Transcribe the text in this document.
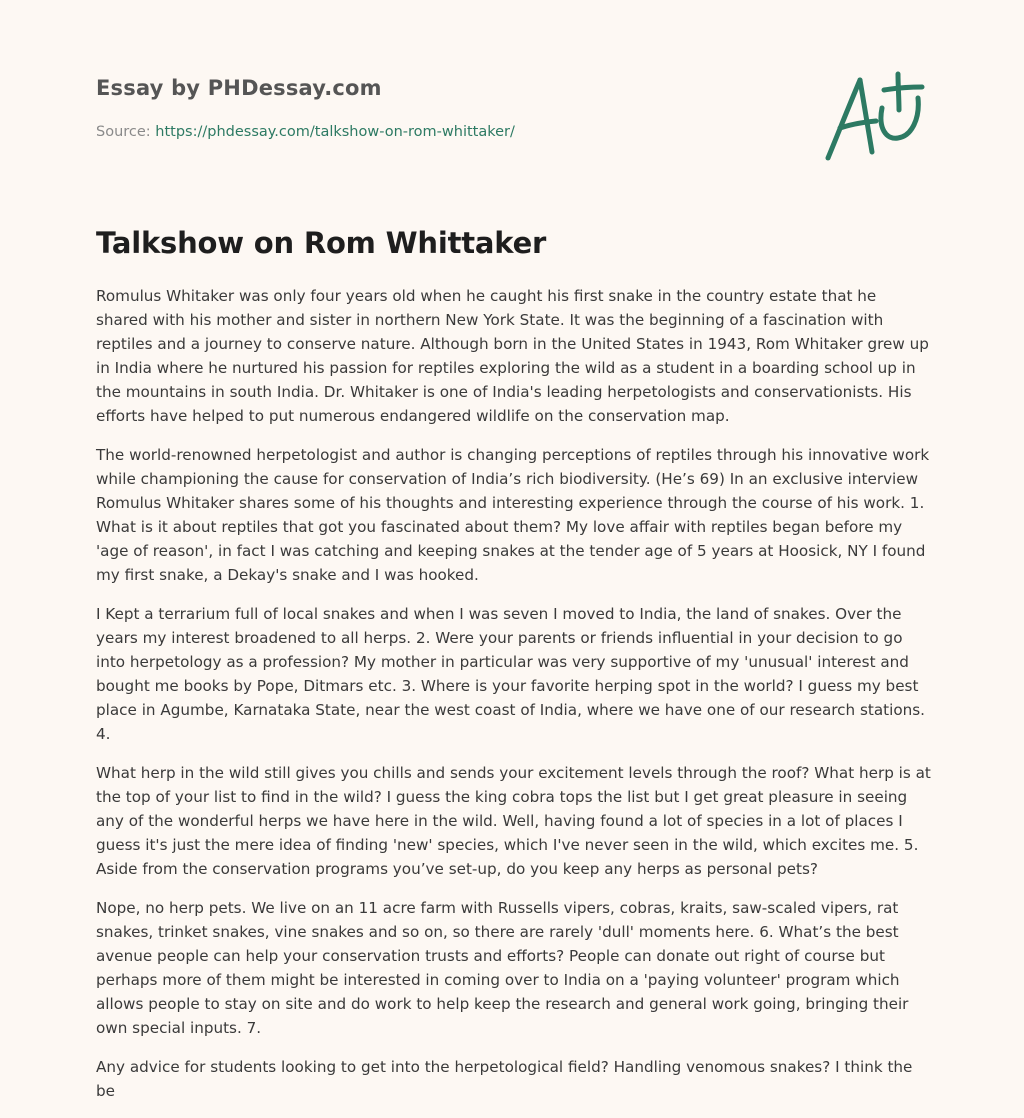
Essay by PHDessay.com
Source: https://phdessay.com/talkshow-on-rom-whittaker/
Talkshow on Rom Whittaker

Romulus Whitaker was only four years old when he caught his first snake in the country estate that he shared with his mother and sister in northern New York State. It was the beginning of a fascination with reptiles and a journey to conserve nature. Although born in the United States in 1943, Rom Whitaker grew up in India where he nurtured his passion for reptiles exploring the wild as a student in a boarding school up in the mountains in south India. Dr. Whitaker is one of India's leading herpetologists and conservationists. His efforts have helped to put numerous endangered wildlife on the conservation map.

The world-renowned herpetologist and author is changing perceptions of reptiles through his innovative work while championing the cause for conservation of India’s rich biodiversity. (He’s 69) In an exclusive interview Romulus Whitaker shares some of his thoughts and interesting experience through the course of his work. 1. What is it about reptiles that got you fascinated about them? My love affair with reptiles began before my 'age of reason', in fact I was catching and keeping snakes at the tender age of 5 years at Hoosick, NY I found my first snake, a Dekay's snake and I was hooked.

I Kept a terrarium full of local snakes and when I was seven I moved to India, the land of snakes. Over the years my interest broadened to all herps. 2. Were your parents or friends influential in your decision to go into herpetology as a profession? My mother in particular was very supportive of my 'unusual' interest and bought me books by Pope, Ditmars etc. 3. Where is your favorite herping spot in the world? I guess my best place in Agumbe, Karnataka State, near the west coast of India, where we have one of our research stations. 4.

What herp in the wild still gives you chills and sends your excitement levels through the roof? What herp is at the top of your list to find in the wild? I guess the king cobra tops the list but I get great pleasure in seeing any of the wonderful herps we have here in the wild. Well, having found a lot of species in a lot of places I guess it's just the mere idea of finding 'new' species, which I've never seen in the wild, which excites me. 5. Aside from the conservation programs you’ve set-up, do you keep any herps as personal pets?

Nope, no herp pets. We live on an 11 acre farm with Russells vipers, cobras, kraits, saw-scaled vipers, rat snakes, trinket snakes, vine snakes and so on, so there are rarely 'dull' moments here. 6. What’s the best avenue people can help your conservation trusts and efforts? People can donate out right of course but perhaps more of them might be interested in coming over to India on a 'paying volunteer' program which allows people to stay on site and do work to help keep the research and general work going, bringing their own special inputs. 7.

Any advice for students looking to get into the herpetological field? Handling venomous snakes? I think the be
